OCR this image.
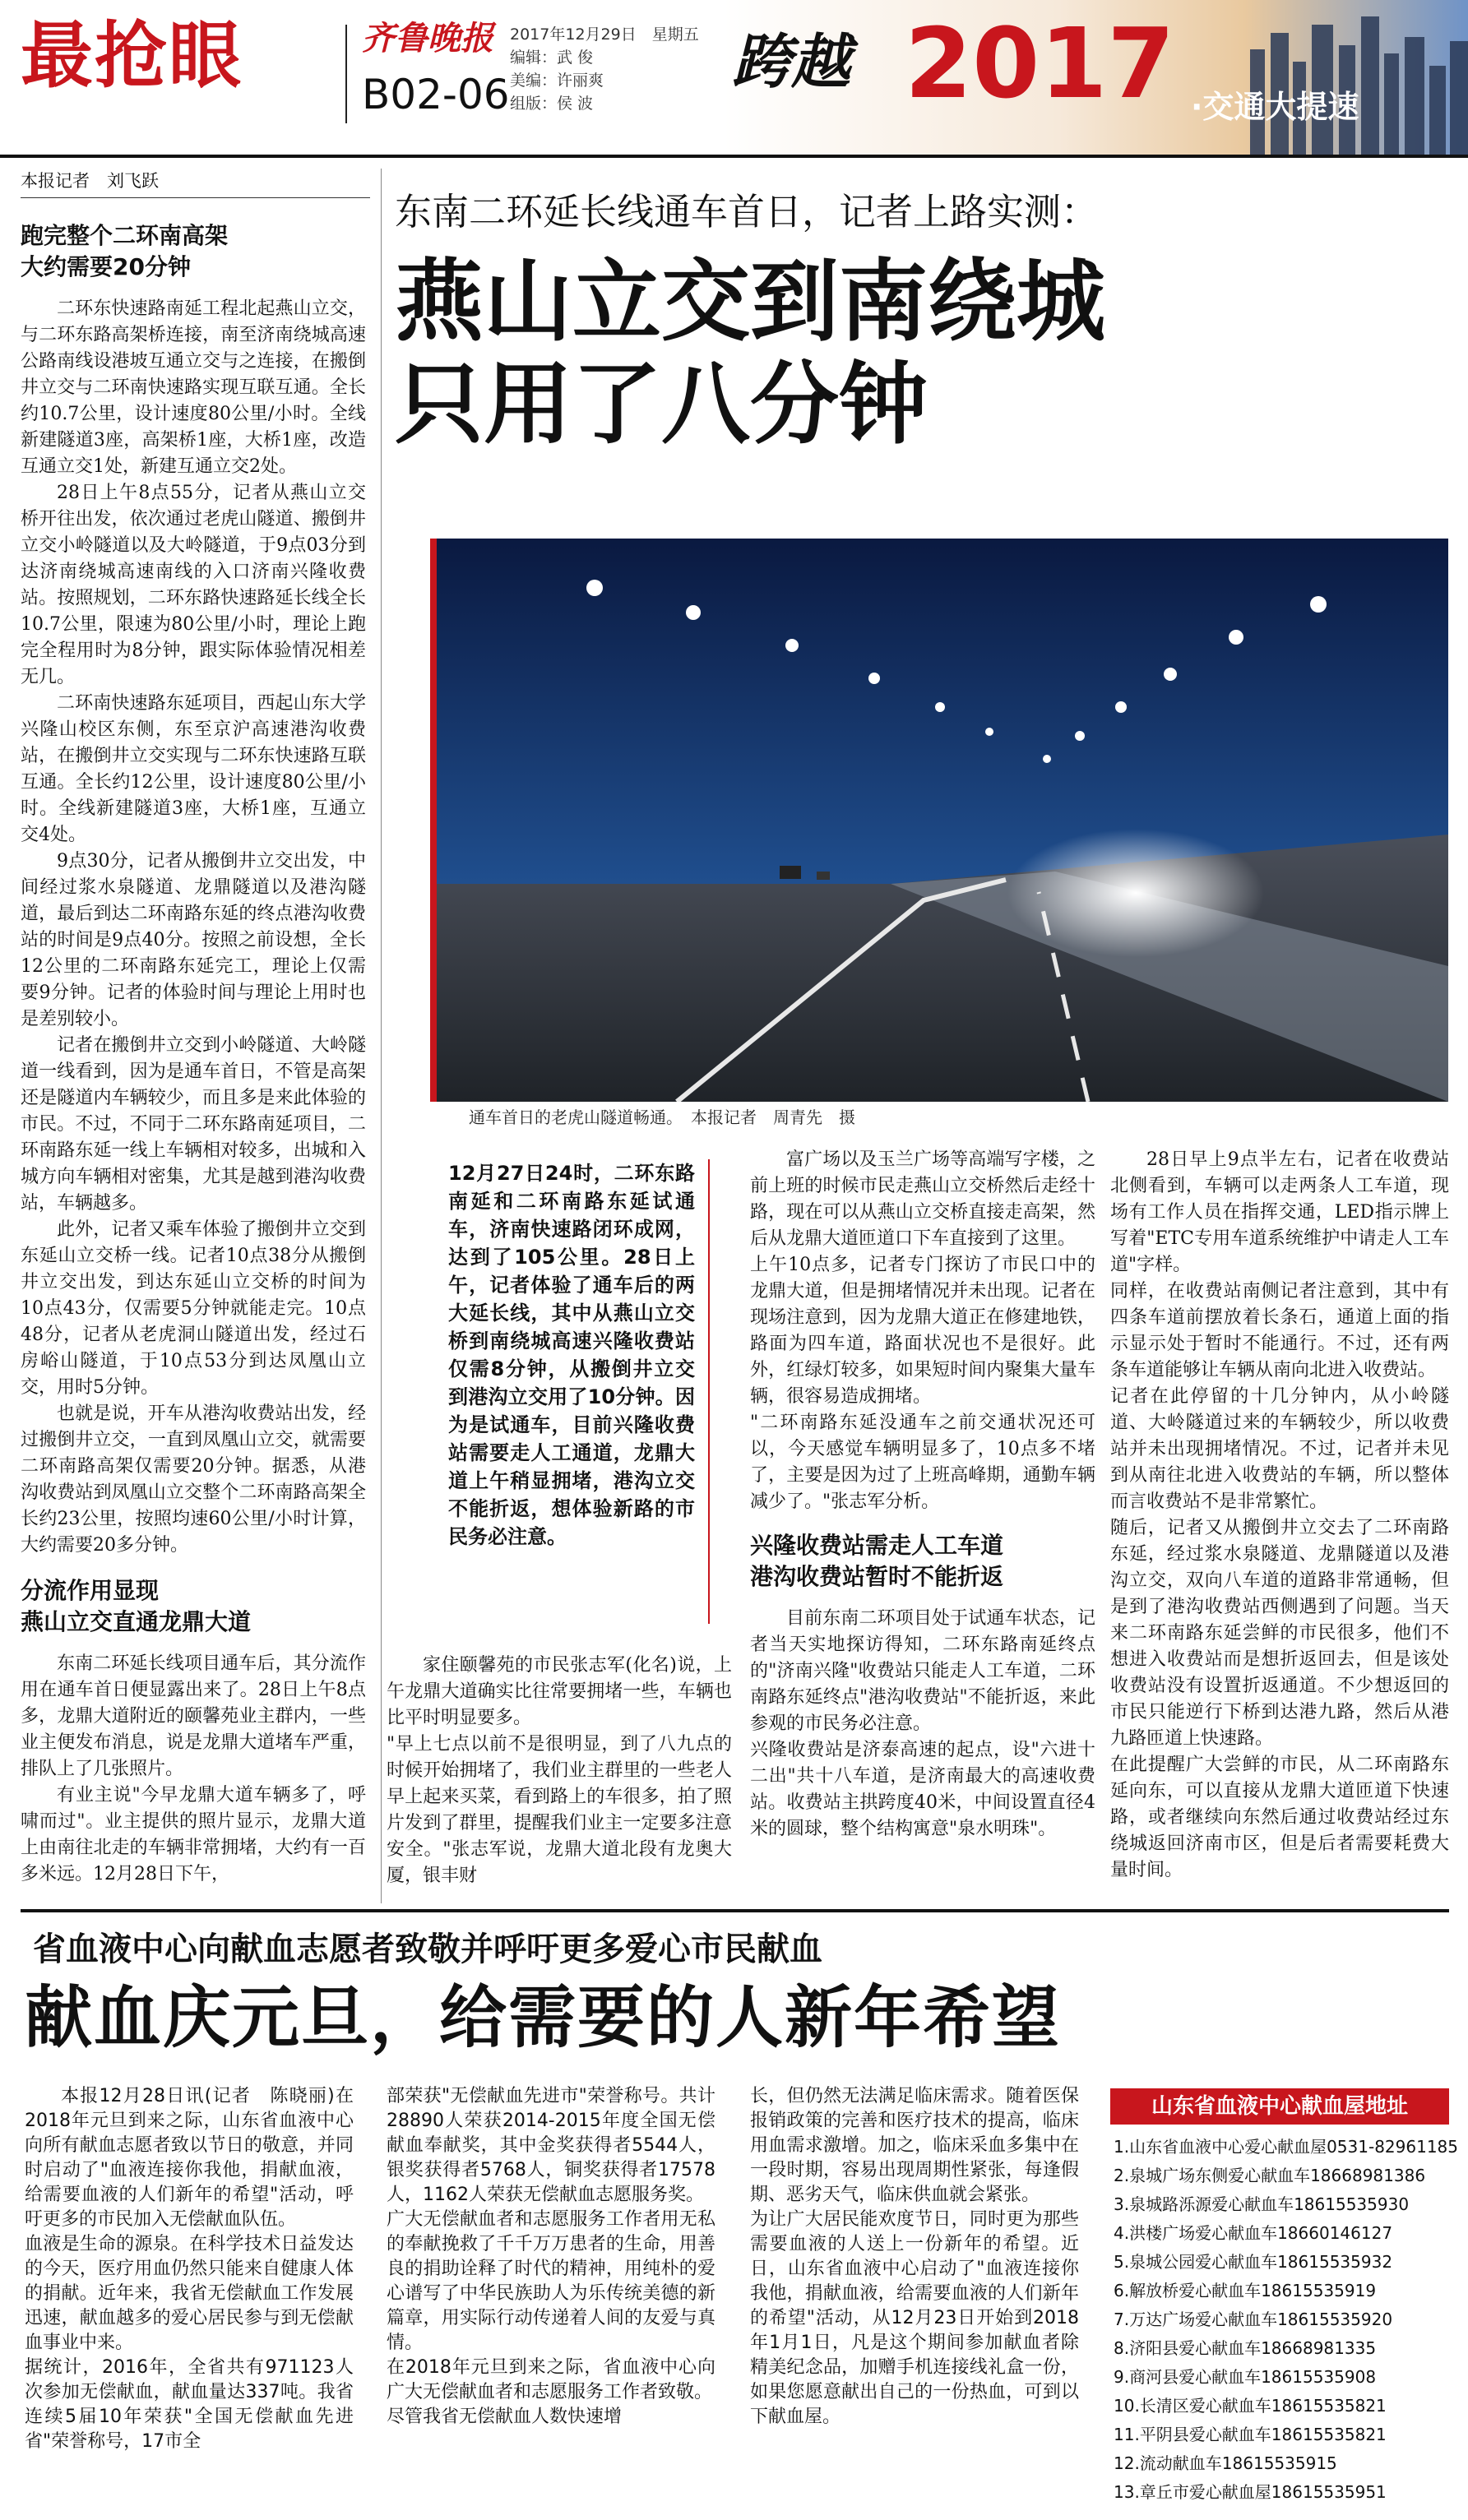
最抢眼	齐鲁晚报
B02-06
2017年12月29日　 星期五
编辑：武 俊
美编：许丽爽
组版：侯 波
跨越 2017 ·交通大提速
本报记者　刘飞跃
东南二环延长线通车首日，记者上路实测：
燕山立交到南绕城
只用了八分钟
通车首日的老虎山隧道畅通。　本报记者　周青先　摄
跑完整个二环南高架
大约需要20分钟

二环东快速路南延工程北起燕山立交，与二环东路高架桥连接，南至济南绕城高速公路南线设港坡互通立交与之连接，在搬倒井立交与二环南快速路实现互联互通。全长约10.7公里，设计速度80公里/小时。全线新建隧道3座，高架桥1座，大桥1座，改造互通立交1处，新建互通立交2处。

28日上午8点55分，记者从燕山立交桥开往出发，依次通过老虎山隧道、搬倒井立交小岭隧道以及大岭隧道，于9点03分到达济南绕城高速南线的入口济南兴隆收费站。按照规划，二环东路快速路延长线全长10.7公里，限速为80公里/小时，理论上跑完全程用时为8分钟，跟实际体验情况相差无几。

二环南快速路东延项目，西起山东大学兴隆山校区东侧，东至京沪高速港沟收费站，在搬倒井立交实现与二环东快速路互联互通。全长约12公里，设计速度80公里/小时。全线新建隧道3座，大桥1座，互通立交4处。

9点30分，记者从搬倒井立交出发，中间经过浆水泉隧道、龙鼎隧道以及港沟隧道，最后到达二环南路东延的终点港沟收费站的时间是9点40分。按照之前设想，全长12公里的二环南路东延完工，理论上仅需要9分钟。记者的体验时间与理论上用时也是差别较小。

记者在搬倒井立交到小岭隧道、大岭隧道一线看到，因为是通车首日，不管是高架还是隧道内车辆较少，而且多是来此体验的市民。不过，不同于二环东路南延项目，二环南路东延一线上车辆相对较多，出城和入城方向车辆相对密集，尤其是越到港沟收费站，车辆越多。

此外，记者又乘车体验了搬倒井立交到东延山立交桥一线。记者10点38分从搬倒井立交出发，到达东延山立交桥的时间为10点43分，仅需要5分钟就能走完。10点48分，记者从老虎洞山隧道出发，经过石房峪山隧道，于10点53分到达凤凰山立交，用时5分钟。

也就是说，开车从港沟收费站出发，经过搬倒井立交，一直到凤凰山立交，就需要二环南路高架仅需要20分钟。据悉，从港沟收费站到凤凰山立交整个二环南路高架全长约23公里，按照均速60公里/小时计算，大约需要20多分钟。

分流作用显现
燕山立交直通龙鼎大道

东南二环延长线项目通车后，其分流作用在通车首日便显露出来了。28日上午8点多，龙鼎大道附近的颐馨苑业主群内，一些业主便发布消息，说是龙鼎大道堵车严重，排队上了几张照片。

有业主说"今早龙鼎大道车辆多了，呼啸而过"。业主提供的照片显示，龙鼎大道上由南往北走的车辆非常拥堵，大约有一百多米远。12月28日下午，

12月27日24时，二环东路南延和二环南路东延试通车，济南快速路闭环成网，达到了105公里。28日上午，记者体验了通车后的两大延长线，其中从燕山立交桥到南绕城高速兴隆收费站仅需8分钟，从搬倒井立交到港沟立交用了10分钟。因为是试通车，目前兴隆收费站需要走人工通道，龙鼎大道上午稍显拥堵，港沟立交不能折返，想体验新路的市民务必注意。
家住颐馨苑的市民张志军(化名)说，上午龙鼎大道确实比往常要拥堵一些，车辆也比平时明显要多。
"早上七点以前不是很明显，到了八九点的时候开始拥堵了，我们业主群里的一些老人早上起来买菜，看到路上的车很多，拍了照片发到了群里，提醒我们业主一定要多注意安全。"张志军说，龙鼎大道北段有龙奥大厦，银丰财
富广场以及玉兰广场等高端写字楼，之前上班的时候市民走燕山立交桥然后走经十路，现在可以从燕山立交桥直接走高架，然后从龙鼎大道匝道口下车直接到了这里。
上午10点多，记者专门探访了市民口中的龙鼎大道，但是拥堵情况并未出现。记者在现场注意到，因为龙鼎大道正在修建地铁，路面为四车道，路面状况也不是很好。此外，红绿灯较多，如果短时间内聚集大量车辆，很容易造成拥堵。
"二环南路东延没通车之前交通状况还可以，今天感觉车辆明显多了，10点多不堵了，主要是因为过了上班高峰期，通勤车辆减少了。"张志军分析。
兴隆收费站需走人工车道
港沟收费站暂时不能折返
目前东南二环项目处于试通车状态，记者当天实地探访得知，二环东路南延终点的"济南兴隆"收费站只能走人工车道，二环南路东延终点"港沟收费站"不能折返，来此参观的市民务必注意。
兴隆收费站是济泰高速的起点，设"六进十二出"共十八车道，是济南最大的高速收费站。收费站主拱跨度40米，中间设置直径4米的圆球，整个结构寓意"泉水明珠"。
28日早上9点半左右，记者在收费站北侧看到，车辆可以走两条人工车道，现场有工作人员在指挥交通，LED指示牌上写着"ETC专用车道系统维护中请走人工车道"字样。
同样，在收费站南侧记者注意到，其中有四条车道前摆放着长条石，通道上面的指示显示处于暂时不能通行。不过，还有两条车道能够让车辆从南向北进入收费站。
记者在此停留的十几分钟内，从小岭隧道、大岭隧道过来的车辆较少，所以收费站并未出现拥堵情况。不过，记者并未见到从南往北进入收费站的车辆，所以整体而言收费站不是非常繁忙。
随后，记者又从搬倒井立交去了二环南路东延，经过浆水泉隧道、龙鼎隧道以及港沟立交，双向八车道的道路非常通畅，但是到了港沟收费站西侧遇到了问题。当天来二环南路东延尝鲜的市民很多，他们不想进入收费站而是想折返回去，但是该处收费站没有设置折返通道。不少想返回的市民只能逆行下桥到达港九路，然后从港九路匝道上快速路。
在此提醒广大尝鲜的市民，从二环南路东延向东，可以直接从龙鼎大道匝道下快速路，或者继续向东然后通过收费站经过东绕城返回济南市区，但是后者需要耗费大量时间。
省血液中心向献血志愿者致敬并呼吁更多爱心市民献血
献血庆元旦，给需要的人新年希望
本报12月28日讯(记者　陈晓丽)在2018年元旦到来之际，山东省血液中心向所有献血志愿者致以节日的敬意，并同时启动了"血液连接你我他，捐献血液，给需要血液的人们新年的希望"活动，呼吁更多的市民加入无偿献血队伍。
血液是生命的源泉。在科学技术日益发达的今天，医疗用血仍然只能来自健康人体的捐献。近年来，我省无偿献血工作发展迅速，献血越多的爱心居民参与到无偿献血事业中来。
据统计，2016年，全省共有971123人次参加无偿献血，献血量达337吨。我省连续5届10年荣获"全国无偿献血先进省"荣誉称号，17市全
部荣获"无偿献血先进市"荣誉称号。共计28890人荣获2014-2015年度全国无偿献血奉献奖，其中金奖获得者5544人，银奖获得者5768人，铜奖获得者17578人，1162人荣获无偿献血志愿服务奖。
广大无偿献血者和志愿服务工作者用无私的奉献挽救了千千万万患者的生命，用善良的捐助诠释了时代的精神，用纯朴的爱心谱写了中华民族助人为乐传统美德的新篇章，用实际行动传递着人间的友爱与真情。
在2018年元旦到来之际，省血液中心向广大无偿献血者和志愿服务工作者致敬。
尽管我省无偿献血人数快速增
长，但仍然无法满足临床需求。随着医保报销政策的完善和医疗技术的提高，临床用血需求激增。加之，临床采血多集中在一段时期，容易出现周期性紧张，每逢假期、恶劣天气，临床供血就会紧张。
为让广大居民能欢度节日，同时更为那些需要血液的人送上一份新年的希望。近日，山东省血液中心启动了"血液连接你我他，捐献血液，给需要血液的人们新年的希望"活动，从12月23日开始到2018年1月1日，凡是这个期间参加献血者除精美纪念品，加赠手机连接线礼盒一份，如果您愿意献出自己的一份热血，可到以下献血屋。
山东省血液中心献血屋地址
1.山东省血液中心爱心献血屋0531-82961185
2.泉城广场东侧爱心献血车18668981386
3.泉城路泺源爱心献血车18615535930
4.洪楼广场爱心献血车18660146127
5.泉城公园爱心献血车18615535932
6.解放桥爱心献血车18615535919
7.万达广场爱心献血车18615535920
8.济阳县爱心献血车18668981335
9.商河县爱心献血车18615535908
10.长清区爱心献血车18615535821
11.平阴县爱心献血车18615535821
12.流动献血车18615535915
13.章丘市爱心献血屋18615535951
